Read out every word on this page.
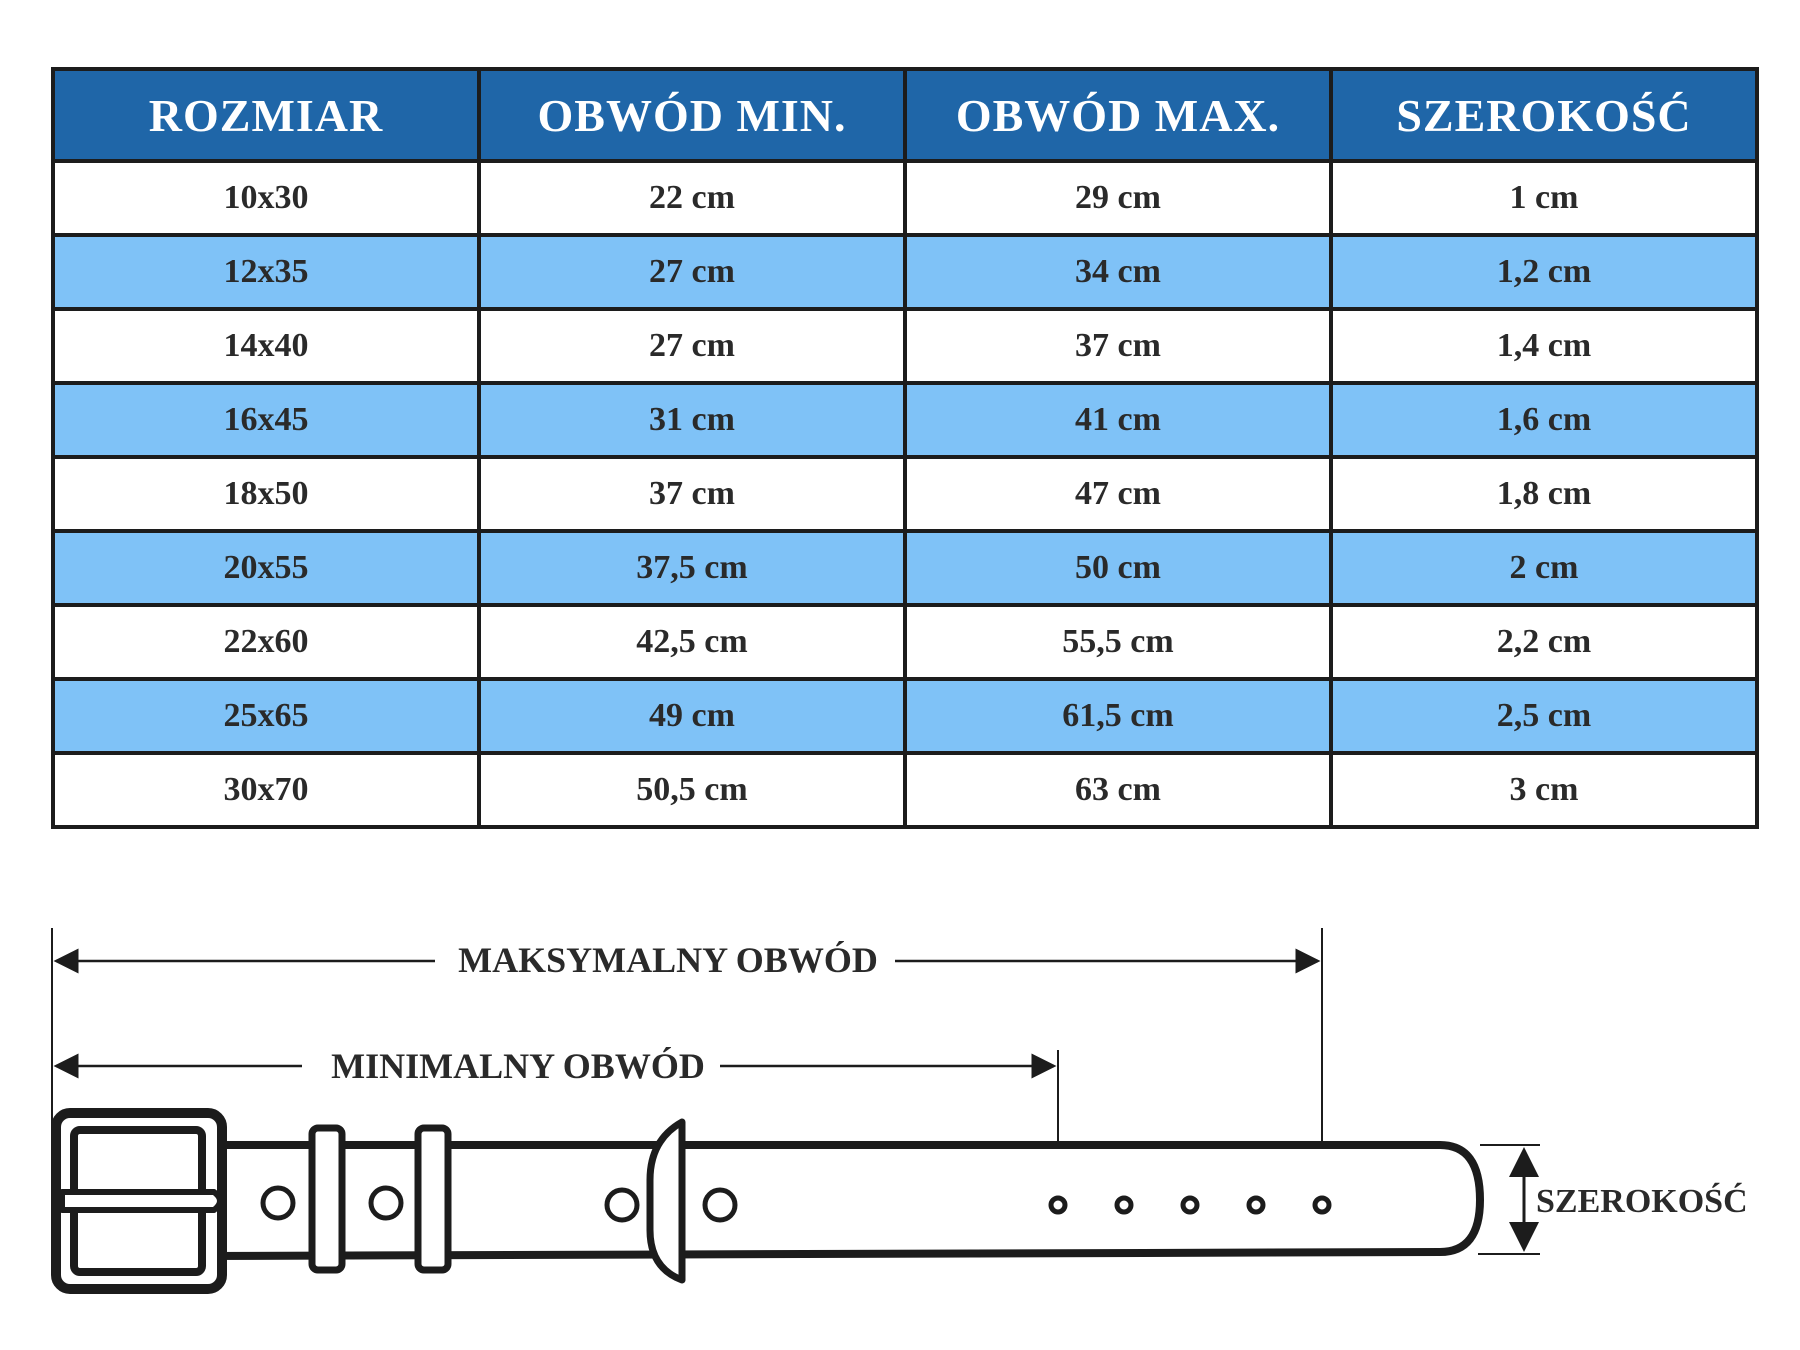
ROZMIAR	OBWÓD MIN.	OBWÓD MAX.	SZEROKOŚĆ
10x30	22 cm	29 cm	1 cm
12x35	27 cm	34 cm	1,2 cm
14x40	27 cm	37 cm	1,4 cm
16x45	31 cm	41 cm	1,6 cm
18x50	37 cm	47 cm	1,8 cm
20x55	37,5 cm	50 cm	2 cm
22x60	42,5 cm	55,5 cm	2,2 cm
25x65	49 cm	61,5 cm	2,5 cm
30x70	50,5 cm	63 cm	3 cm
MAKSYMALNY OBWÓD
MINIMALNY OBWÓD
SZEROKOŚĆ
